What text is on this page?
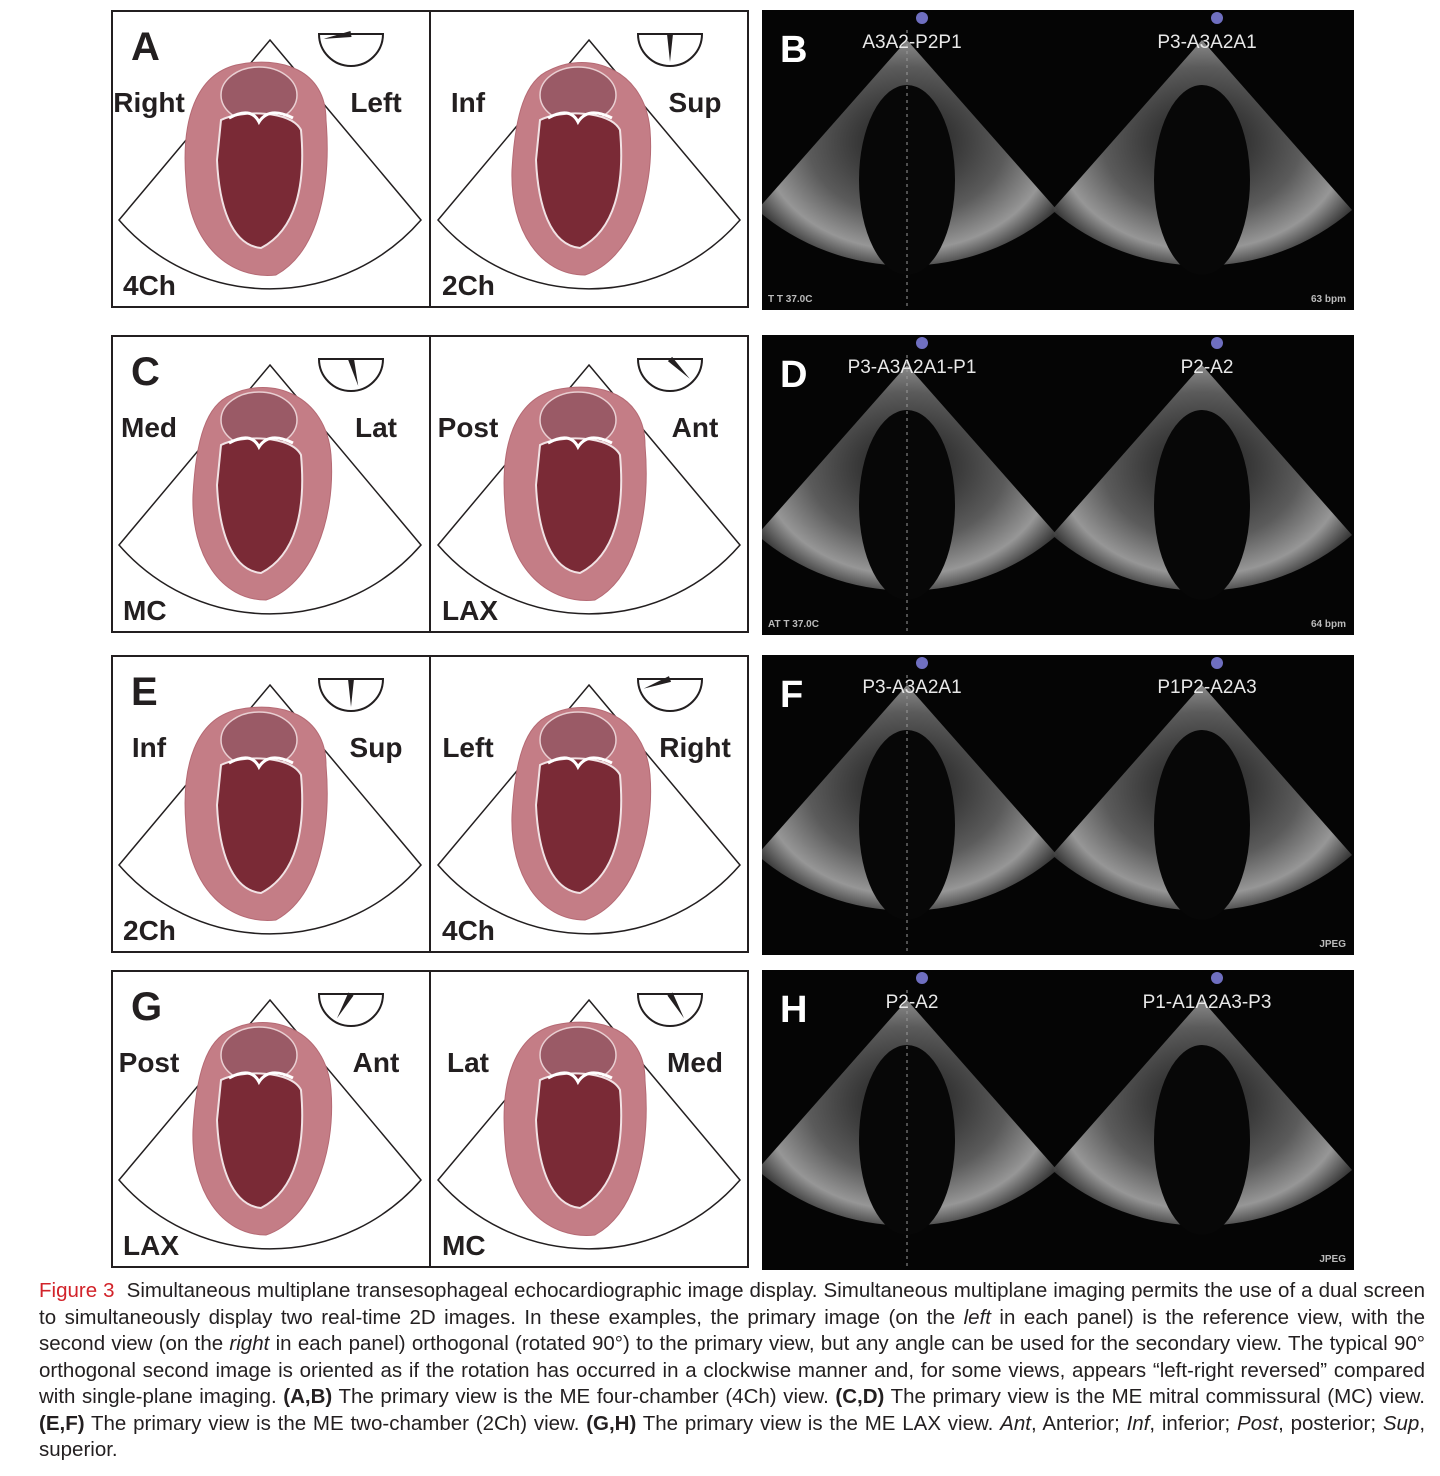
Right	Left
4Ch
Inf	Sup
2Ch
A	B	A3A2-P2P1	P3-A3A2A1
T T 37.0C	63 bpm
Med	Lat
MC
Post	Ant
LAX
C	D P3-A3A2A1-P1	P2-A2
AT T 37.0C	64 bpm
Inf	Sup
2Ch
Left	Right
4Ch
E	F	P3-A3A2A1	P1P2-A2A3
JPEG
Post	Ant
LAX
Lat	Med
MC
G	H	P2-A2	P1-A1A2A3-P3
JPEG
Figure 3 Simultaneous multiplane transesophageal echocardiographic image display. Simultaneous multiplane imaging permits the use of a dual screen to simultaneously display two real-time 2D images. In these examples, the primary image (on the left in each panel) is the reference view, with the second view (on the right in each panel) orthogonal (rotated 90°) to the primary view, but any angle can be used for the secondary view. The typical 90° orthogonal second image is oriented as if the rotation has occurred in a clockwise manner and, for some views, appears “left-right reversed” compared with single-plane imaging. (A,B) The primary view is the ME four-chamber (4Ch) view. (C,D) The primary view is the ME mitral commissural (MC) view. (E,F) The primary view is the ME two-chamber (2Ch) view. (G,H) The primary view is the ME LAX view. Ant, Anterior; Inf, inferior; Post, posterior; Sup, superior.
